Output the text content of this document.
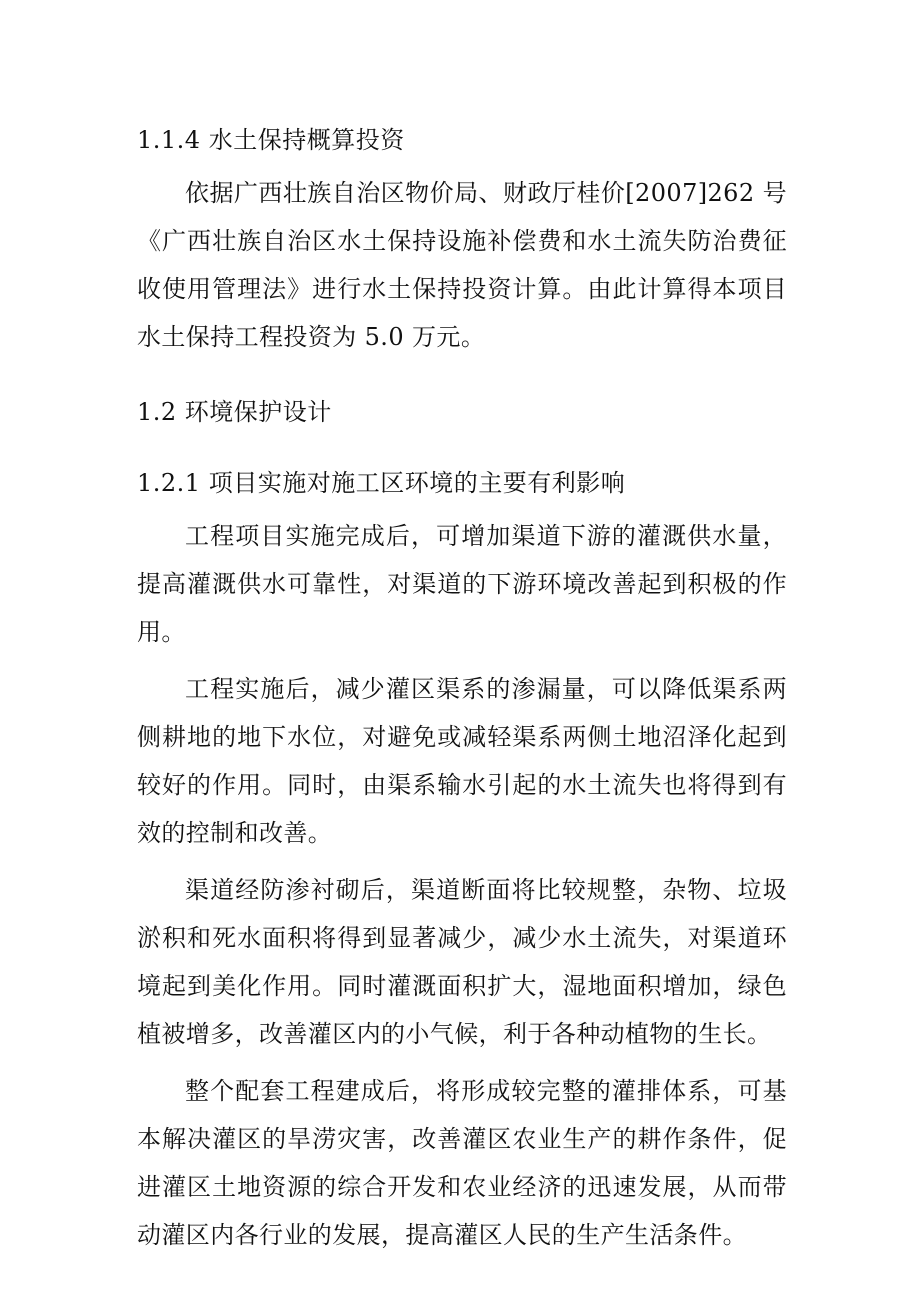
1.1.4 水土保持概算投资

依据广西壮族自治区物价局、财政厅桂价[2007]262 号《广西壮族自治区水土保持设施补偿费和水土流失防治费征收使用管理法》进行水土保持投资计算。由此计算得本项目水土保持工程投资为 5.0 万元。

1.2 环境保护设计
1.2.1 项目实施对施工区环境的主要有利影响

工程项目实施完成后，可增加渠道下游的灌溉供水量，提高灌溉供水可靠性，对渠道的下游环境改善起到积极的作用。

工程实施后，减少灌区渠系的渗漏量，可以降低渠系两侧耕地的地下水位，对避免或减轻渠系两侧土地沼泽化起到较好的作用。同时，由渠系输水引起的水土流失也将得到有效的控制和改善。

渠道经防渗衬砌后，渠道断面将比较规整，杂物、垃圾淤积和死水面积将得到显著减少，减少水土流失，对渠道环境起到美化作用。同时灌溉面积扩大，湿地面积增加，绿色植被增多，改善灌区内的小气候，利于各种动植物的生长。

整个配套工程建成后，将形成较完整的灌排体系，可基本解决灌区的旱涝灾害，改善灌区农业生产的耕作条件，促进灌区土地资源的综合开发和农业经济的迅速发展，从而带动灌区内各行业的发展，提高灌区人民的生产生活条件。
